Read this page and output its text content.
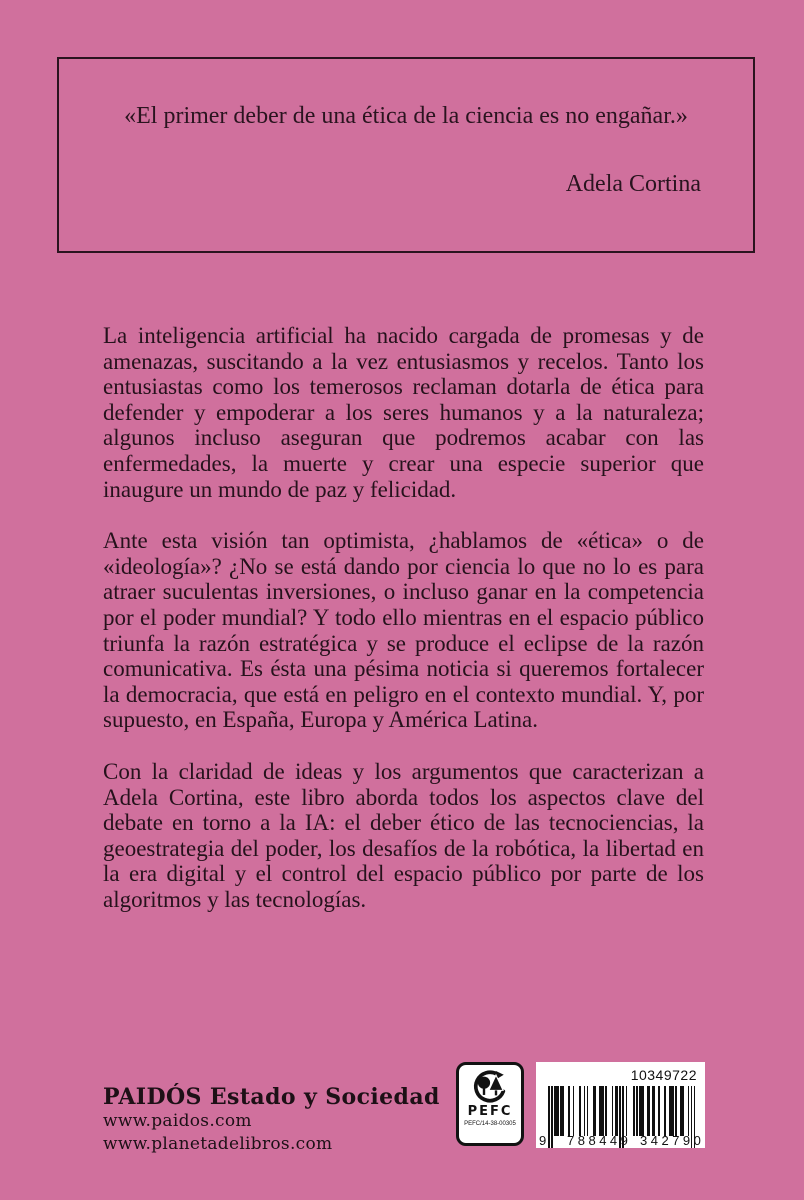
«El primer deber de una ética de la ciencia es no engañar.»

Adela Cortina

La inteligencia artificial ha nacido cargada de promesas y de amenazas, suscitando a la vez entusiasmos y recelos. Tanto los entusiastas como los temerosos reclaman dotarla de ética para defender y empoderar a los seres humanos y a la naturaleza; algunos incluso aseguran que podremos acabar con las enfermedades, la muerte y crear una especie superior que inaugure un mundo de paz y felicidad.

Ante esta visión tan optimista, ¿hablamos de «ética» o de «ideología»? ¿No se está dando por ciencia lo que no lo es para atraer suculentas inversiones, o incluso ganar en la competencia por el poder mundial? Y todo ello mientras en el espacio público triunfa la razón estratégica y se produce el eclipse de la razón comunicativa. Es ésta una pésima noticia si queremos fortalecer la democracia, que está en peligro en el contexto mundial. Y, por supuesto, en España, Europa y América Latina.

Con la claridad de ideas y los argumentos que caracterizan a Adela Cortina, este libro aborda todos los aspectos clave del debate en torno a la IA: el deber ético de las tecnociencias, la geoestrategia del poder, los desafíos de la robótica, la libertad en la era digital y el control del espacio público por parte de los algoritmos y las tecnologías.

PAIDÓS Estado y Sociedad
www.paidos.com
www.planetadelibros.com
PEFC
PEFC/14-38-00305
10349722
9 788449 342790
